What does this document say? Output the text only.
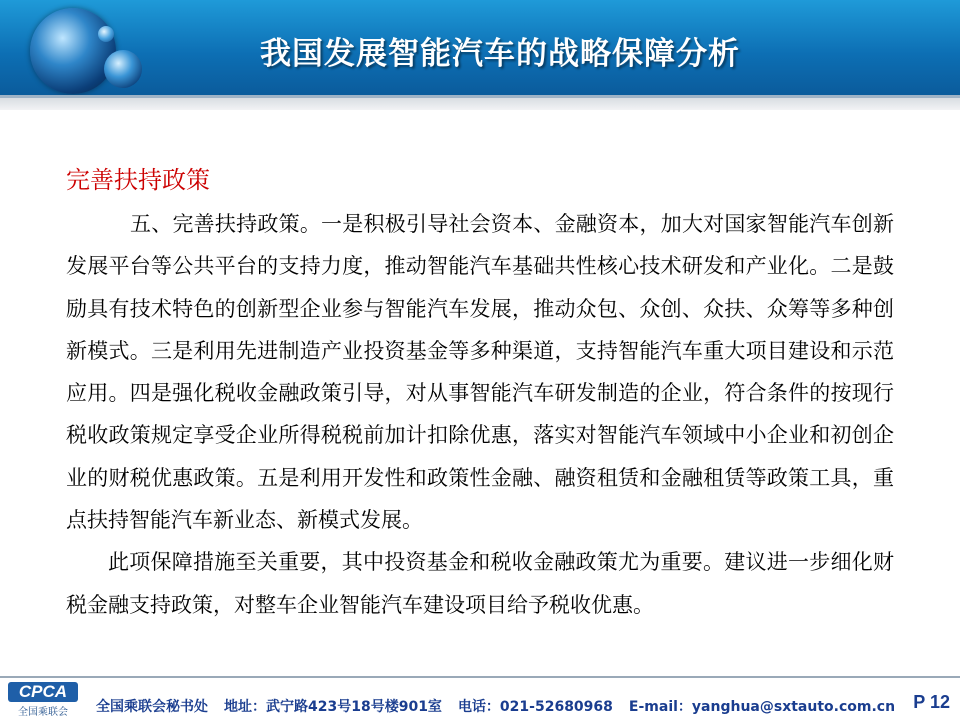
我国发展智能汽车的战略保障分析
完善扶持政策

五、完善扶持政策。一是积极引导社会资本、金融资本，加大对国家智能汽车创新发展平台等公共平台的支持力度，推动智能汽车基础共性核心技术研发和产业化。二是鼓励具有技术特色的创新型企业参与智能汽车发展，推动众包、众创、众扶、众筹等多种创新模式。三是利用先进制造产业投资基金等多种渠道，支持智能汽车重大项目建设和示范应用。四是强化税收金融政策引导，对从事智能汽车研发制造的企业，符合条件的按现行税收政策规定享受企业所得税税前加计扣除优惠，落实对智能汽车领域中小企业和初创企业的财税优惠政策。五是利用开发性和政策性金融、融资租赁和金融租赁等政策工具，重点扶持智能汽车新业态、新模式发展。

此项保障措施至关重要，其中投资基金和税收金融政策尤为重要。建议进一步细化财税金融支持政策，对整车企业智能汽车建设项目给予税收优惠。

CPCA
全国乘联会	全国乘联会秘书处 地址：武宁路423号18号楼901室 电话：021-52680968 E-mail：yanghua@sxtauto.com.cn	P 12
